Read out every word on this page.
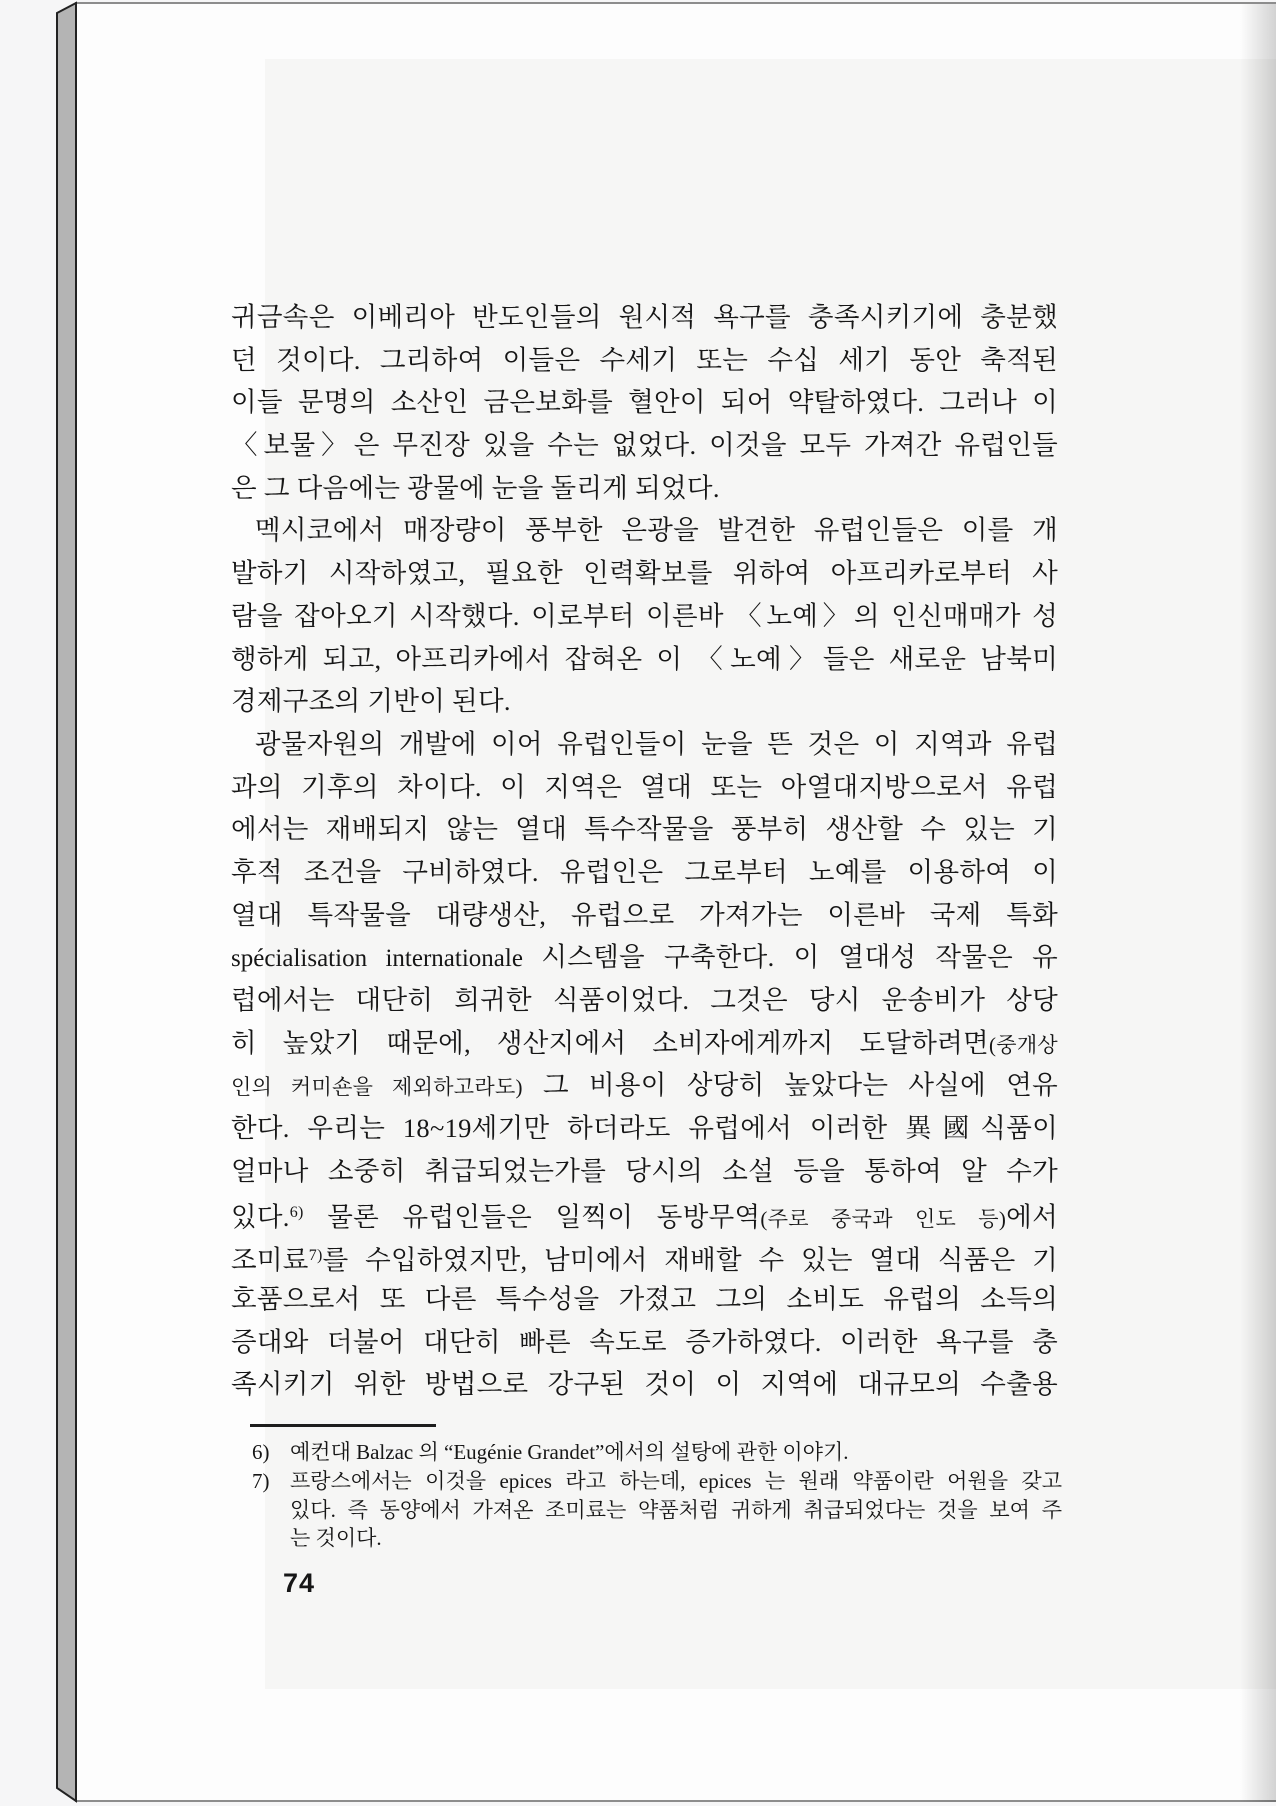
귀금속은 이베리아 반도인들의 원시적 욕구를 충족시키기에 충분했
던 것이다. 그리하여 이들은 수세기 또는 수십 세기 동안 축적된
이들 문명의 소산인 금은보화를 혈안이 되어 약탈하였다. 그러나 이
〈보물〉은 무진장 있을 수는 없었다. 이것을 모두 가져간 유럽인들
은 그 다음에는 광물에 눈을 돌리게 되었다.
멕시코에서 매장량이 풍부한 은광을 발견한 유럽인들은 이를 개
발하기 시작하였고, 필요한 인력확보를 위하여 아프리카로부터 사
람을 잡아오기 시작했다. 이로부터 이른바 〈노예〉의 인신매매가 성
행하게 되고, 아프리카에서 잡혀온 이 〈노예〉들은 새로운 남북미
경제구조의 기반이 된다.
광물자원의 개발에 이어 유럽인들이 눈을 뜬 것은 이 지역과 유럽
과의 기후의 차이다. 이 지역은 열대 또는 아열대지방으로서 유럽
에서는 재배되지 않는 열대 특수작물을 풍부히 생산할 수 있는 기
후적 조건을 구비하였다. 유럽인은 그로부터 노예를 이용하여 이
열대 특작물을 대량생산, 유럽으로 가져가는 이른바 국제 특화
spécialisation internationale 시스템을 구축한다. 이 열대성 작물은 유
럽에서는 대단히 희귀한 식품이었다. 그것은 당시 운송비가 상당
히 높았기 때문에, 생산지에서 소비자에게까지 도달하려면(중개상
인의 커미숀을 제외하고라도) 그 비용이 상당히 높았다는 사실에 연유
한다. 우리는 18~19세기만 하더라도 유럽에서 이러한 異國식품이
얼마나 소중히 취급되었는가를 당시의 소설 등을 통하여 알 수가
있다.$^{6)}$ 물론 유럽인들은 일찍이 동방무역(주로 중국과 인도 등)에서
조미료$^{7)}$를 수입하였지만, 남미에서 재배할 수 있는 열대 식품은 기
호품으로서 또 다른 특수성을 가졌고 그의 소비도 유럽의 소득의
증대와 더불어 대단히 빠른 속도로 증가하였다. 이러한 욕구를 충
족시키기 위한 방법으로 강구된 것이 이 지역에 대규모의 수출용
6) 예컨대 Balzac 의 “Eugénie Grandet”에서의 설탕에 관한 이야기.
7) 프랑스에서는 이것을 epices 라고 하는데, epices 는 원래 약품이란 어원을 갖고
있다. 즉 동양에서 가져온 조미료는 약품처럼 귀하게 취급되었다는 것을 보여 주
는 것이다.
74
